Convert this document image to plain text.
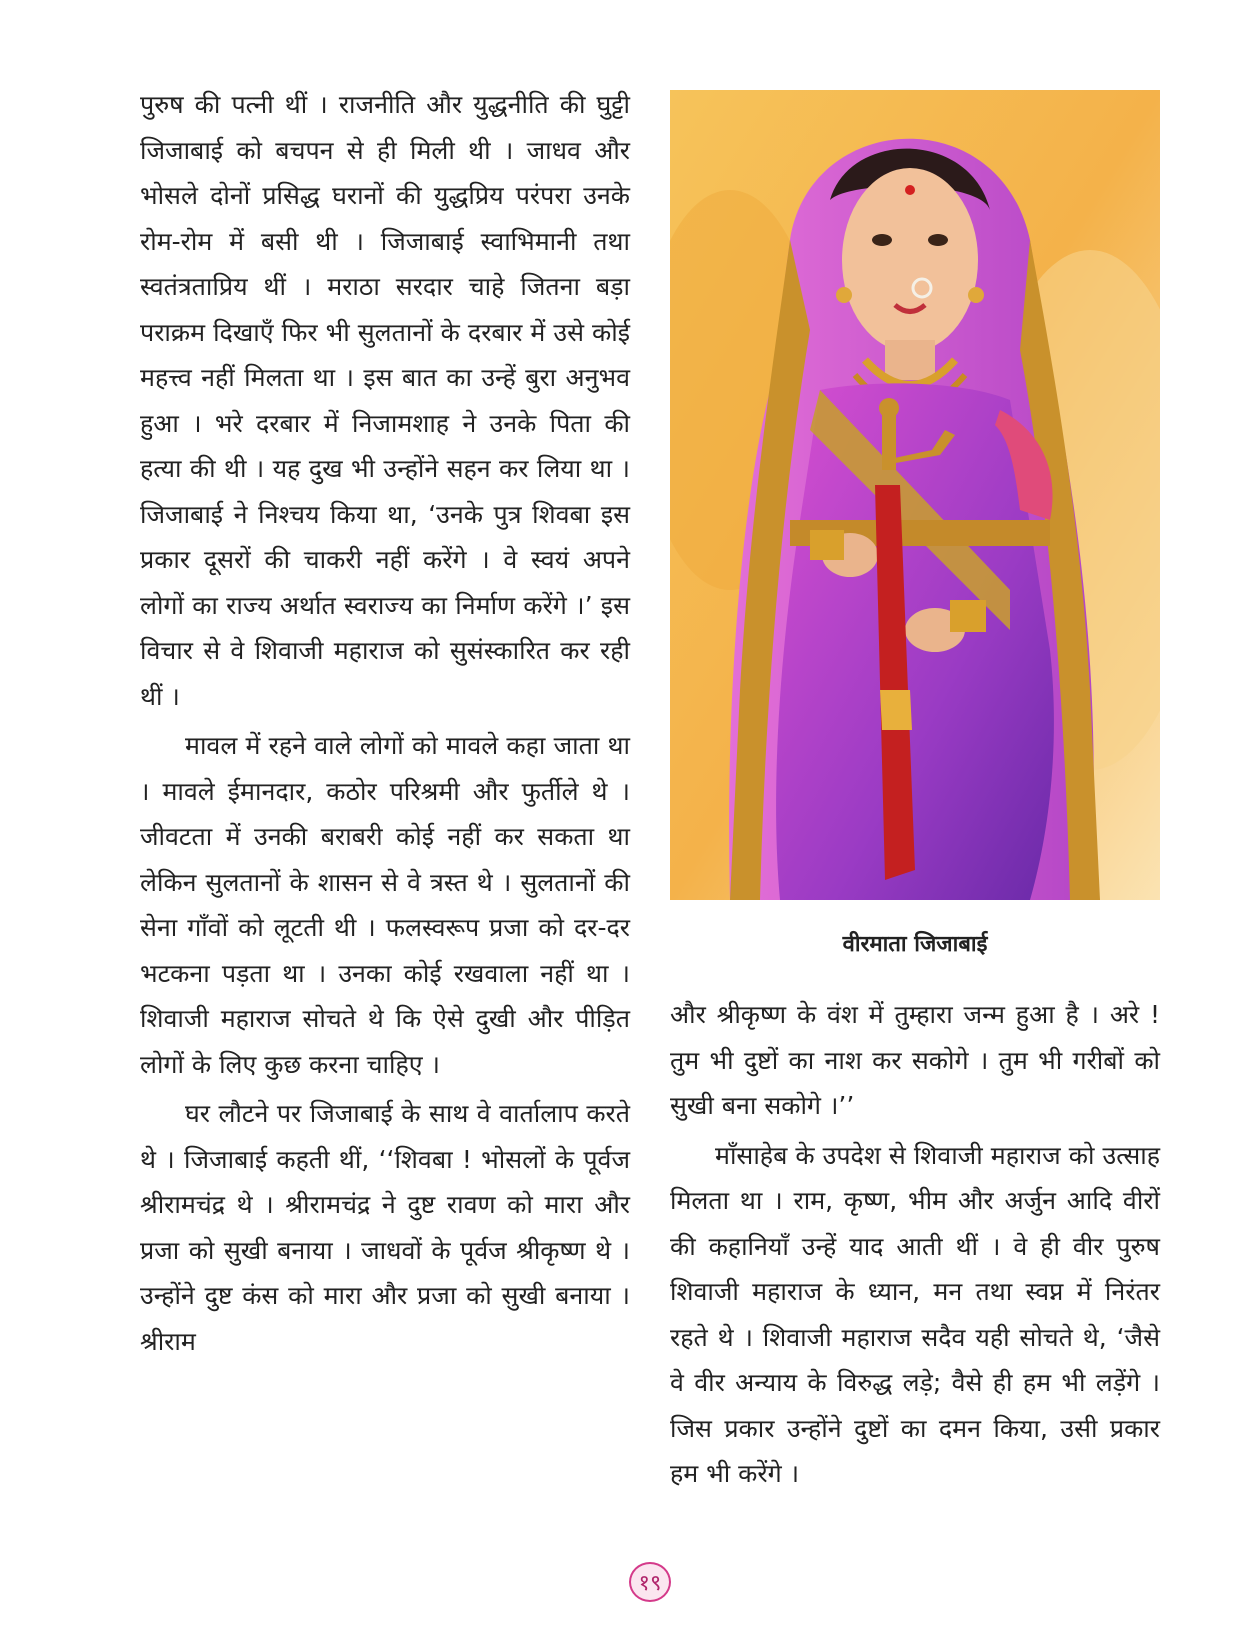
पुरुष की पत्नी थीं । राजनीति और युद्धनीति की घुट्टी जिजाबाई को बचपन से ही मिली थी । जाधव और भोसले दोनों प्रसिद्ध घरानों की युद्धप्रिय परंपरा उनके रोम-रोम में बसी थी । जिजाबाई स्वाभिमानी तथा स्वतंत्रताप्रिय थीं । मराठा सरदार चाहे जितना बड़ा पराक्रम दिखाएँ फिर भी सुलतानों के दरबार में उसे कोई महत्त्व नहीं मिलता था । इस बात का उन्हें बुरा अनुभव हुआ । भरे दरबार में निजामशाह ने उनके पिता की हत्या की थी । यह दुख भी उन्होंने सहन कर लिया था । जिजाबाई ने निश्चय किया था, ‘उनके पुत्र शिवबा इस प्रकार दूसरों की चाकरी नहीं करेंगे । वे स्वयं अपने लोगों का राज्य अर्थात स्वराज्य का निर्माण करेंगे ।’ इस विचार से वे शिवाजी महाराज को सुसंस्कारित कर रही थीं ।

मावल में रहने वाले लोगों को मावले कहा जाता था । मावले ईमानदार, कठोर परिश्रमी और फुर्तीले थे । जीवटता में उनकी बराबरी कोई नहीं कर सकता था लेकिन सुलतानों के शासन से वे त्रस्त थे । सुलतानों की सेना गाँवों को लूटती थी । फलस्वरूप प्रजा को दर-दर भटकना पड़ता था । उनका कोई रखवाला नहीं था । शिवाजी महाराज सोचते थे कि ऐसे दुखी और पीड़ित लोगों के लिए कुछ करना चाहिए ।

घर लौटने पर जिजाबाई के साथ वे वार्तालाप करते थे । जिजाबाई कहती थीं, ‘‘शिवबा ! भोसलों के पूर्वज श्रीरामचंद्र थे । श्रीरामचंद्र ने दुष्ट रावण को मारा और प्रजा को सुखी बनाया । जाधवों के पूर्वज श्रीकृष्ण थे । उन्होंने दुष्ट कंस को मारा और प्रजा को सुखी बनाया । श्रीराम

वीरमाता जिजाबाई

और श्रीकृष्ण के वंश में तुम्हारा जन्म हुआ है । अरे ! तुम भी दुष्टों का नाश कर सकोगे । तुम भी गरीबों को सुखी बना सकोगे ।’’

माँसाहेब के उपदेश से शिवाजी महाराज को उत्साह मिलता था । राम, कृष्ण, भीम और अर्जुन आदि वीरों की कहानियाँ उन्हें याद आती थीं । वे ही वीर पुरुष शिवाजी महाराज के ध्यान, मन तथा स्वप्न में निरंतर रहते थे । शिवाजी महाराज सदैव यही सोचते थे, ‘जैसे वे वीर अन्याय के विरुद्ध लड़े; वैसे ही हम भी लड़ेंगे । जिस प्रकार उन्होंने दुष्टों का दमन किया, उसी प्रकार हम भी करेंगे ।

१९
